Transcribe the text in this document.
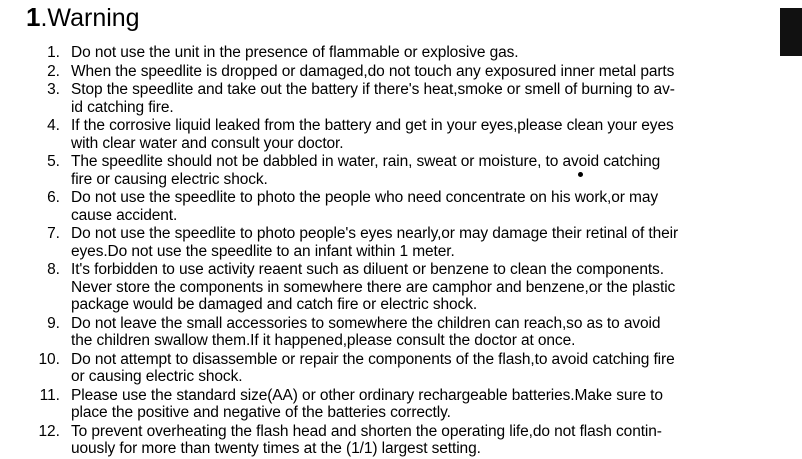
1.Warning
1. Do not use the unit in the presence of flammable or explosive gas.
2. When the speedlite is dropped or damaged,do not touch any exposured inner metal parts
3. Stop the speedlite and take out the battery if there's heat,smoke or smell of burning to av-
id catching fire.
4. If the corrosive liquid leaked from the battery and get in your eyes,please clean your eyes
with clear water and consult your doctor.
5. The speedlite should not be dabbled in water, rain, sweat or moisture, to avoid catching
fire or causing electric shock.
6. Do not use the speedlite to photo the people who need concentrate on his work,or may
cause accident.
7. Do not use the speedlite to photo people's eyes nearly,or may damage their retinal of their
eyes.Do not use the speedlite to an infant within 1 meter.
8. It's forbidden to use activity reaent such as diluent or benzene to clean the components.
Never store the components in somewhere there are camphor and benzene,or the plastic
package would be damaged and catch fire or electric shock.
9. Do not leave the small accessories to somewhere the children can reach,so as to avoid
the children swallow them.If it happened,please consult the doctor at once.
10. Do not attempt to disassemble or repair the components of the flash,to avoid catching fire
or causing electric shock.
11. Please use the standard size(AA) or other ordinary rechargeable batteries.Make sure to
place the positive and negative of the batteries correctly.
12. To prevent overheating the flash head and shorten the operating life,do not flash contin-
uously for more than twenty times at the (1/1) largest setting.
